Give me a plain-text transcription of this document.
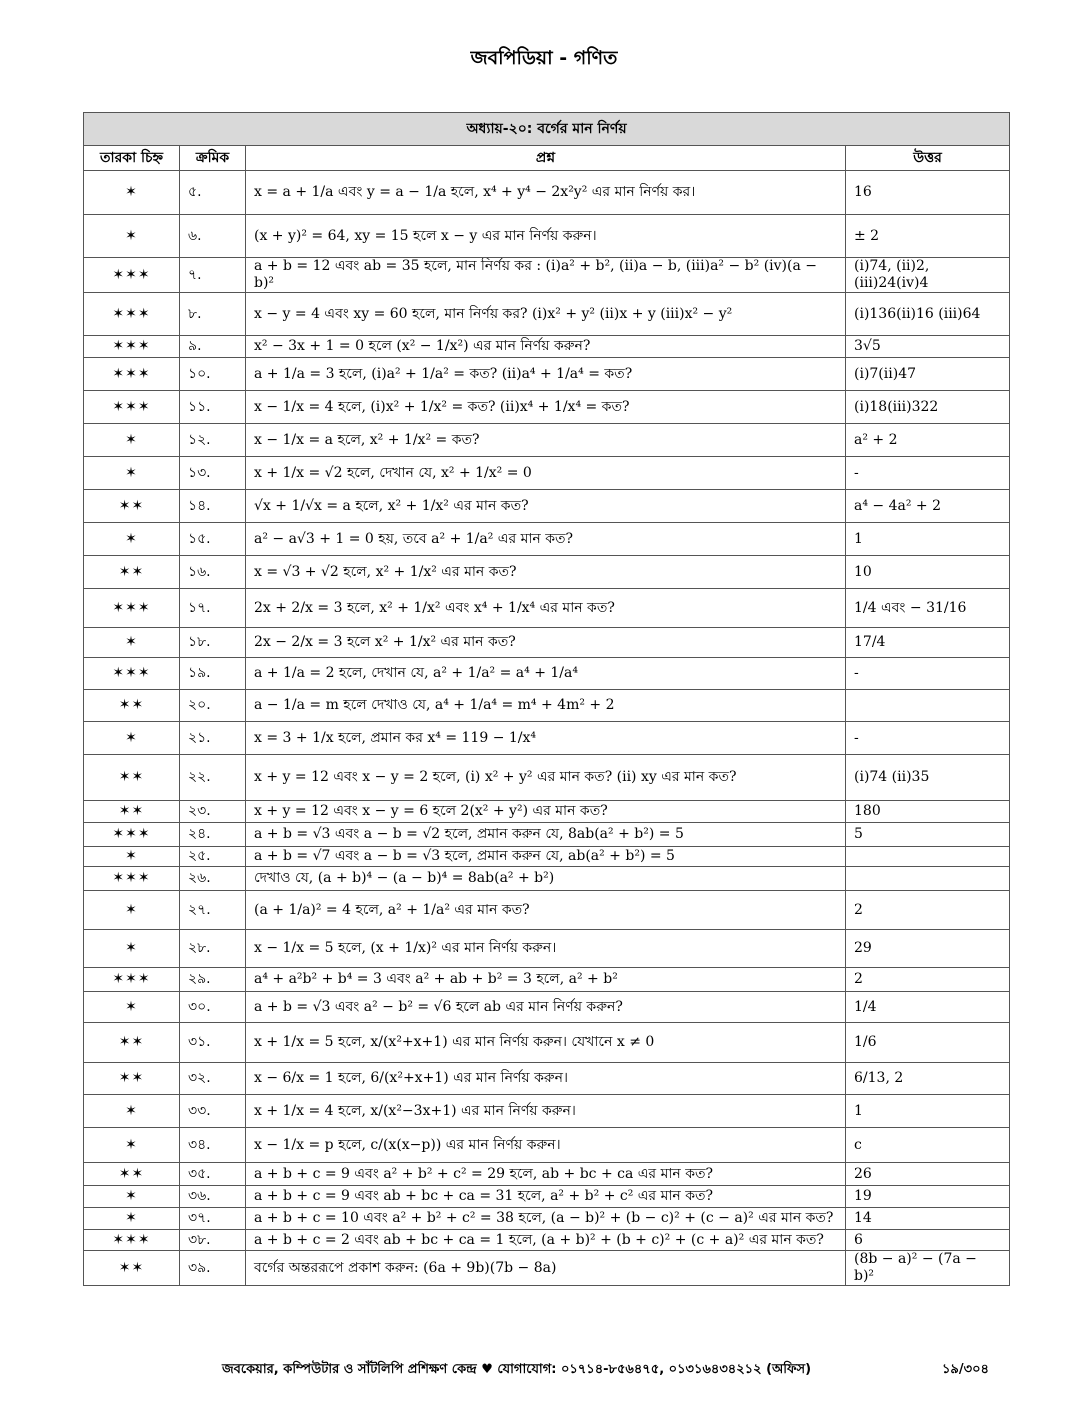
জবপিডিয়া - গণিত
অধ্যায়-২০: বর্গের মান নির্ণয়			
তারকা চিহ্ন	ক্রমিক	প্রশ্ন	উত্তর
✶	৫.	x = a + 1/a এবং y = a − 1/a হলে, x⁴ + y⁴ − 2x²y² এর মান নির্ণয় কর।	16
✶	৬.	(x + y)² = 64, xy = 15 হলে x − y এর মান নির্ণয় করুন।	± 2
✶✶✶	৭.	a + b = 12 এবং ab = 35 হলে, মান নির্ণয় কর : (i)a² + b², (ii)a − b, (iii)a² − b² (iv)(a − b)²	(i)74, (ii)2, (iii)24(iv)4
✶✶✶	৮.	x − y = 4 এবং xy = 60 হলে, মান নির্ণয় কর? (i)x² + y² (ii)x + y (iii)x² − y²	(i)136(ii)16 (iii)64
✶✶✶	৯.	x² − 3x + 1 = 0 হলে (x² − 1/x²) এর মান নির্ণয় করুন?	3√5
✶✶✶	১০.	a + 1/a = 3 হলে, (i)a² + 1/a² = কত? (ii)a⁴ + 1/a⁴ = কত?	(i)7(ii)47
✶✶✶	১১.	x − 1/x = 4 হলে, (i)x² + 1/x² = কত? (ii)x⁴ + 1/x⁴ = কত?	(i)18(iii)322
✶	১২.	x − 1/x = a হলে, x² + 1/x² = কত?	a² + 2
✶	১৩.	x + 1/x = √2 হলে, দেখান যে, x² + 1/x² = 0	-
✶✶	১৪.	√x + 1/√x = a হলে, x² + 1/x² এর মান কত?	a⁴ − 4a² + 2
✶	১৫.	a² − a√3 + 1 = 0 হয়, তবে a² + 1/a² এর মান কত?	1
✶✶	১৬.	x = √3 + √2 হলে, x² + 1/x² এর মান কত?	10
✶✶✶	১৭.	2x + 2/x = 3 হলে, x² + 1/x² এবং x⁴ + 1/x⁴ এর মান কত?	1/4 এবং − 31/16
✶	১৮.	2x − 2/x = 3 হলে x² + 1/x² এর মান কত?	17/4
✶✶✶	১৯.	a + 1/a = 2 হলে, দেখান যে, a² + 1/a² = a⁴ + 1/a⁴	-
✶✶	২০.	a − 1/a = m হলে দেখাও যে, a⁴ + 1/a⁴ = m⁴ + 4m² + 2	
✶	২১.	x = 3 + 1/x হলে, প্রমান কর x⁴ = 119 − 1/x⁴	-
✶✶	২২.	x + y = 12 এবং x − y = 2 হলে, (i) x² + y² এর মান কত? (ii) xy এর মান কত?	(i)74 (ii)35
✶✶	২৩.	x + y = 12 এবং x − y = 6 হলে 2(x² + y²) এর মান কত?	180
✶✶✶	২৪.	a + b = √3 এবং a − b = √2 হলে, প্রমান করুন যে, 8ab(a² + b²) = 5	5
✶	২৫.	a + b = √7 এবং a − b = √3 হলে, প্রমান করুন যে, ab(a² + b²) = 5	
✶✶✶	২৬.	দেখাও যে, (a + b)⁴ − (a − b)⁴ = 8ab(a² + b²)	
✶	২৭.	(a + 1/a)² = 4 হলে, a² + 1/a² এর মান কত?	2
✶	২৮.	x − 1/x = 5 হলে, (x + 1/x)² এর মান নির্ণয় করুন।	29
✶✶✶	২৯.	a⁴ + a²b² + b⁴ = 3 এবং a² + ab + b² = 3 হলে, a² + b²	2
✶	৩০.	a + b = √3 এবং a² − b² = √6 হলে ab এর মান নির্ণয় করুন?	1/4
✶✶	৩১.	x + 1/x = 5 হলে, x/(x²+x+1) এর মান নির্ণয় করুন। যেখানে x ≠ 0	1/6
✶✶	৩২.	x − 6/x = 1 হলে, 6/(x²+x+1) এর মান নির্ণয় করুন।	6/13, 2
✶	৩৩.	x + 1/x = 4 হলে, x/(x²−3x+1) এর মান নির্ণয় করুন।	1
✶	৩৪.	x − 1/x = p হলে, c/(x(x−p)) এর মান নির্ণয় করুন।	c
✶✶	৩৫.	a + b + c = 9 এবং a² + b² + c² = 29 হলে, ab + bc + ca এর মান কত?	26
✶	৩৬.	a + b + c = 9 এবং ab + bc + ca = 31 হলে, a² + b² + c² এর মান কত?	19
✶	৩৭.	a + b + c = 10 এবং a² + b² + c² = 38 হলে, (a − b)² + (b − c)² + (c − a)² এর মান কত?	14
✶✶✶	৩৮.	a + b + c = 2 এবং ab + bc + ca = 1 হলে, (a + b)² + (b + c)² + (c + a)² এর মান কত?	6
✶✶	৩৯.	বর্গের অন্তররূপে প্রকাশ করুন: (6a + 9b)(7b − 8a)	(8b − a)² − (7a − b)²
জবকেয়ার, কম্পিউটার ও সাঁটলিপি প্রশিক্ষণ কেন্দ্র ♥ যোগাযোগ: ০১৭১৪-৮৫৬৪৭৫, ০১৩১৬৪৩৪২১২ (অফিস)	১৯/৩০৪
